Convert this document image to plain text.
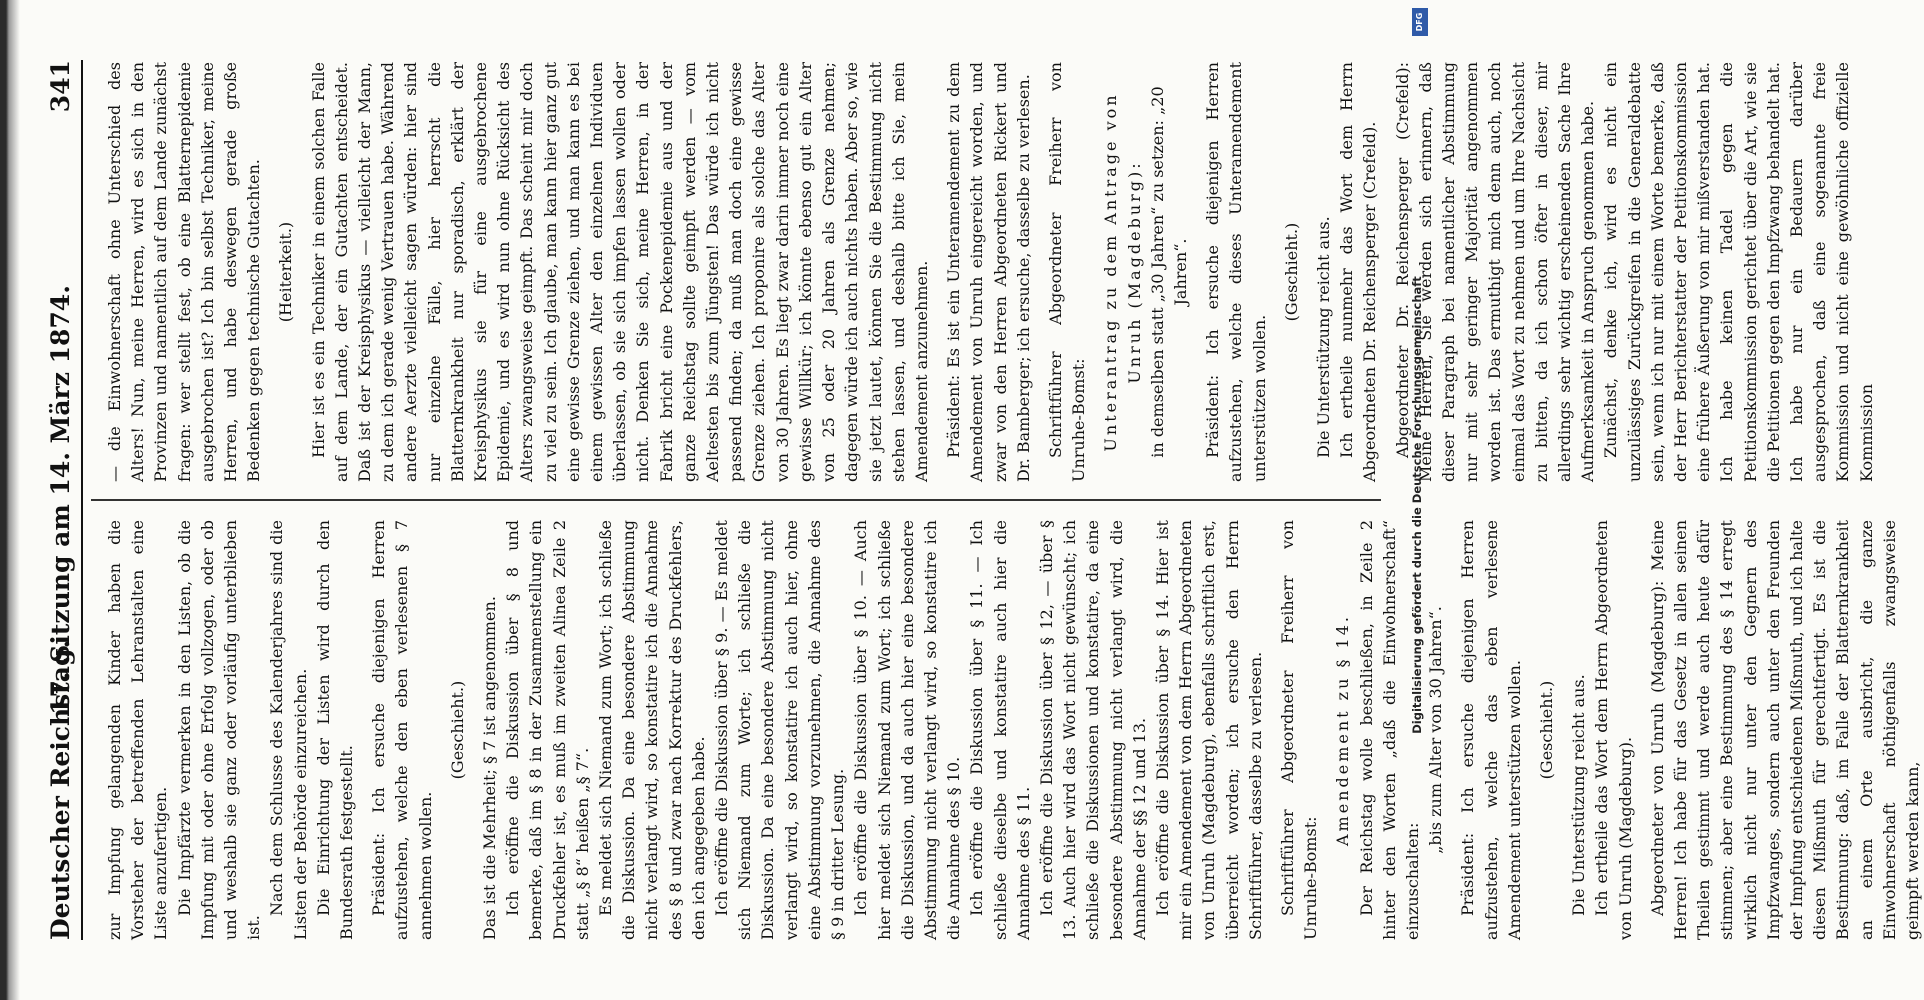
Deutscher Reichstag.
17. Sitzung am 14. März 1874.
341

zur Impfung gelangenden Kinder haben die Vorsteher der betreffenden Lehranstalten eine Liste anzufertigen. Die Impfärzte vermerken in den Listen, ob die Impfung mit oder ohne Erfolg vollzogen, oder ob und weshalb sie ganz oder vorläufig unterblieben ist.

Nach dem Schlusse des Kalenderjahres sind die Listen der Behörde einzureichen. Die Einrichtung der Listen wird durch den Bundesrath festgestellt. Präsident: Ich ersuche diejenigen Herren aufzustehen, welche den eben verlesenen § 7 annehmen wollen.

(Geschieht.) Das ist die Mehrheit; § 7 ist angenommen. Ich eröffne die Diskussion über § 8 und bemerke, daß im § 8 in der Zusammenstellung ein Druckfehler ist, es muß im zweiten Alinea Zeile 2 statt „§ 8“ heißen „§ 7“. Es meldet sich Niemand zum Wort; ich schließe die Diskussion. Da eine besondere Abstimmung nicht verlangt wird, so konstatire ich die Annahme des § 8 und zwar nach Korrektur des Druckfehlers, den ich angegeben habe. Ich eröffne die Diskussion über § 9. — Es meldet sich Niemand zum Worte; ich schließe die Diskussion. Da eine besondere Abstimmung nicht verlangt wird, so konstatire ich auch hier, ohne eine Abstimmung vorzunehmen, die Annahme des § 9 in dritter Lesung. Ich eröffne die Diskussion über § 10. — Auch hier meldet sich Niemand zum Wort; ich schließe die Diskussion, und da auch hier eine besondere Abstimmung nicht verlangt wird, so konstatire ich die Annahme des § 10. Ich eröffne die Diskussion über § 11. — Ich schließe dieselbe und konstatire auch hier die Annahme des § 11. Ich eröffne die Diskussion über § 12, — über § 13. Auch hier wird das Wort nicht gewünscht; ich schließe die Diskussionen und konstatire, da eine besondere Abstimmung nicht verlangt wird, die Annahme der §§ 12 und 13. Ich eröffne die Diskussion über § 14. Hier ist mir ein Amendement von dem Herrn Abgeordneten von Unruh (Magdeburg), ebenfalls schriftlich erst, überreicht worden; ich ersuche den Herrn Schriftführer, dasselbe zu verlesen. Schriftführer Abgeordneter Freiherr von Unruhe-Bomst:

Amendement zu § 14. Der Reichstag wolle beschließen, in Zeile 2 hinter den Worten „daß die Einwohnerschaft“ einzuschalten:

„bis zum Alter von 30 Jahren“. Präsident: Ich ersuche diejenigen Herren aufzustehen, welche das eben verlesene Amendement unterstützen wollen. (Geschieht.) Die Unterstützung reicht aus. Ich ertheile das Wort dem Herrn Abgeordneten von Unruh (Magdeburg). Abgeordneter von Unruh (Magdeburg): Meine Herren! Ich habe für das Gesetz in allen seinen Theilen gestimmt und werde auch heute dafür stimmen; aber eine Bestimmung des § 14 erregt wirklich nicht nur unter den Gegnern des Impfzwanges, sondern auch unter den Freunden der Impfung entschiedenen Mißmuth, und ich halte diesen Mißmuth für gerechtfertigt. Es ist die Bestimmung: daß, im Falle der Blatternkrankheit an einem Orte ausbricht, die ganze Einwohnerschaft nöthigenfalls zwangsweise geimpft werden kann,

— die Einwohnerschaft ohne Unterschied des Alters! Nun, meine Herren, wird es sich in den Provinzen und namentlich auf dem Lande zunächst fragen: wer stellt fest, ob eine Blatternepidemie ausgebrochen ist? Ich bin selbst Techniker, meine Herren, und habe deswegen gerade große Bedenken gegen technische Gutachten. (Heiterkeit.) Hier ist es ein Techniker in einem solchen Falle auf dem Lande, der ein Gutachten entscheidet. Daß ist der Kreisphysikus — vielleicht der Mann, zu dem ich gerade wenig Vertrauen habe. Während andere Aerzte vielleicht sagen würden: hier sind nur einzelne Fälle, hier herrscht die Blatternkrankheit nur sporadisch, erklärt der Kreisphysikus sie für eine ausgebrochene Epidemie, und es wird nun ohne Rücksicht des Alters zwangsweise geimpft. Das scheint mir doch zu viel zu sein. Ich glaube, man kann hier ganz gut eine gewisse Grenze ziehen, und man kann es bei einem gewissen Alter den einzelnen Individuen überlassen, ob sie sich impfen lassen wollen oder nicht. Denken Sie sich, meine Herren, in der Fabrik bricht eine Pockenepidemie aus und der ganze Reichstag sollte geimpft werden — vom Aeltesten bis zum Jüngsten! Das würde ich nicht passend finden; da muß man doch eine gewisse Grenze ziehen. Ich proponire als solche das Alter von 30 Jahren. Es liegt zwar darin immer noch eine gewisse Willkür; ich könnte ebenso gut ein Alter von 25 oder 20 Jahren als Grenze nehmen; dagegen würde ich auch nichts haben. Aber so, wie sie jetzt lautet, können Sie die Bestimmung nicht stehen lassen, und deshalb bitte ich Sie, mein Amendement anzunehmen. Präsident: Es ist ein Unteramendement zu dem Amendement von Unruh eingereicht worden, und zwar von den Herren Abgeordneten Rickert und Dr. Bamberger; ich ersuche, dasselbe zu verlesen. Schriftführer Abgeordneter Freiherr von Unruhe-Bomst: Unterantrag zu dem Antrage von Unruh (Magdeburg): in demselben statt „30 Jahren“ zu setzen: „20 Jahren“. Präsident: Ich ersuche diejenigen Herren aufzustehen, welche dieses Unteramendement unterstützen wollen.

(Geschieht.) Die Unterstützung reicht aus. Ich ertheile nunmehr das Wort dem Herrn Abgeordneten Dr. Reichensperger (Crefeld). Abgeordneter Dr. Reichensperger (Crefeld): Meine Herren, Sie werden sich erinnern, daß dieser Paragraph bei namentlicher Abstimmung nur mit sehr geringer Majorität angenommen worden ist. Das ermuthigt mich denn auch, noch einmal das Wort zu nehmen und um Ihre Nachsicht zu bitten, da ich schon öfter in dieser, mir allerdings sehr wichtig erscheinenden Sache Ihre Aufmerksamkeit in Anspruch genommen habe. Zunächst, denke ich, wird es nicht ein unzulässiges Zurückgreifen in die Generaldebatte sein, wenn ich nur mit einem Worte bemerke, daß der Herr Berichterstatter der Petitionskommission eine frühere Äußerung von mir mißverstanden hat. Ich habe keinen Tadel gegen die Petitionskommission gerichtet über die Art, wie sie die Petitionen gegen den Impfzwang behandelt hat. Ich habe nur ein Bedauern darüber ausgesprochen, daß eine sogenannte freie Kommission und nicht eine gewöhnliche offizielle Kommission

DFG
Digitalisierung gefördert durch die Deutsche Forschungsgemeinschaft
